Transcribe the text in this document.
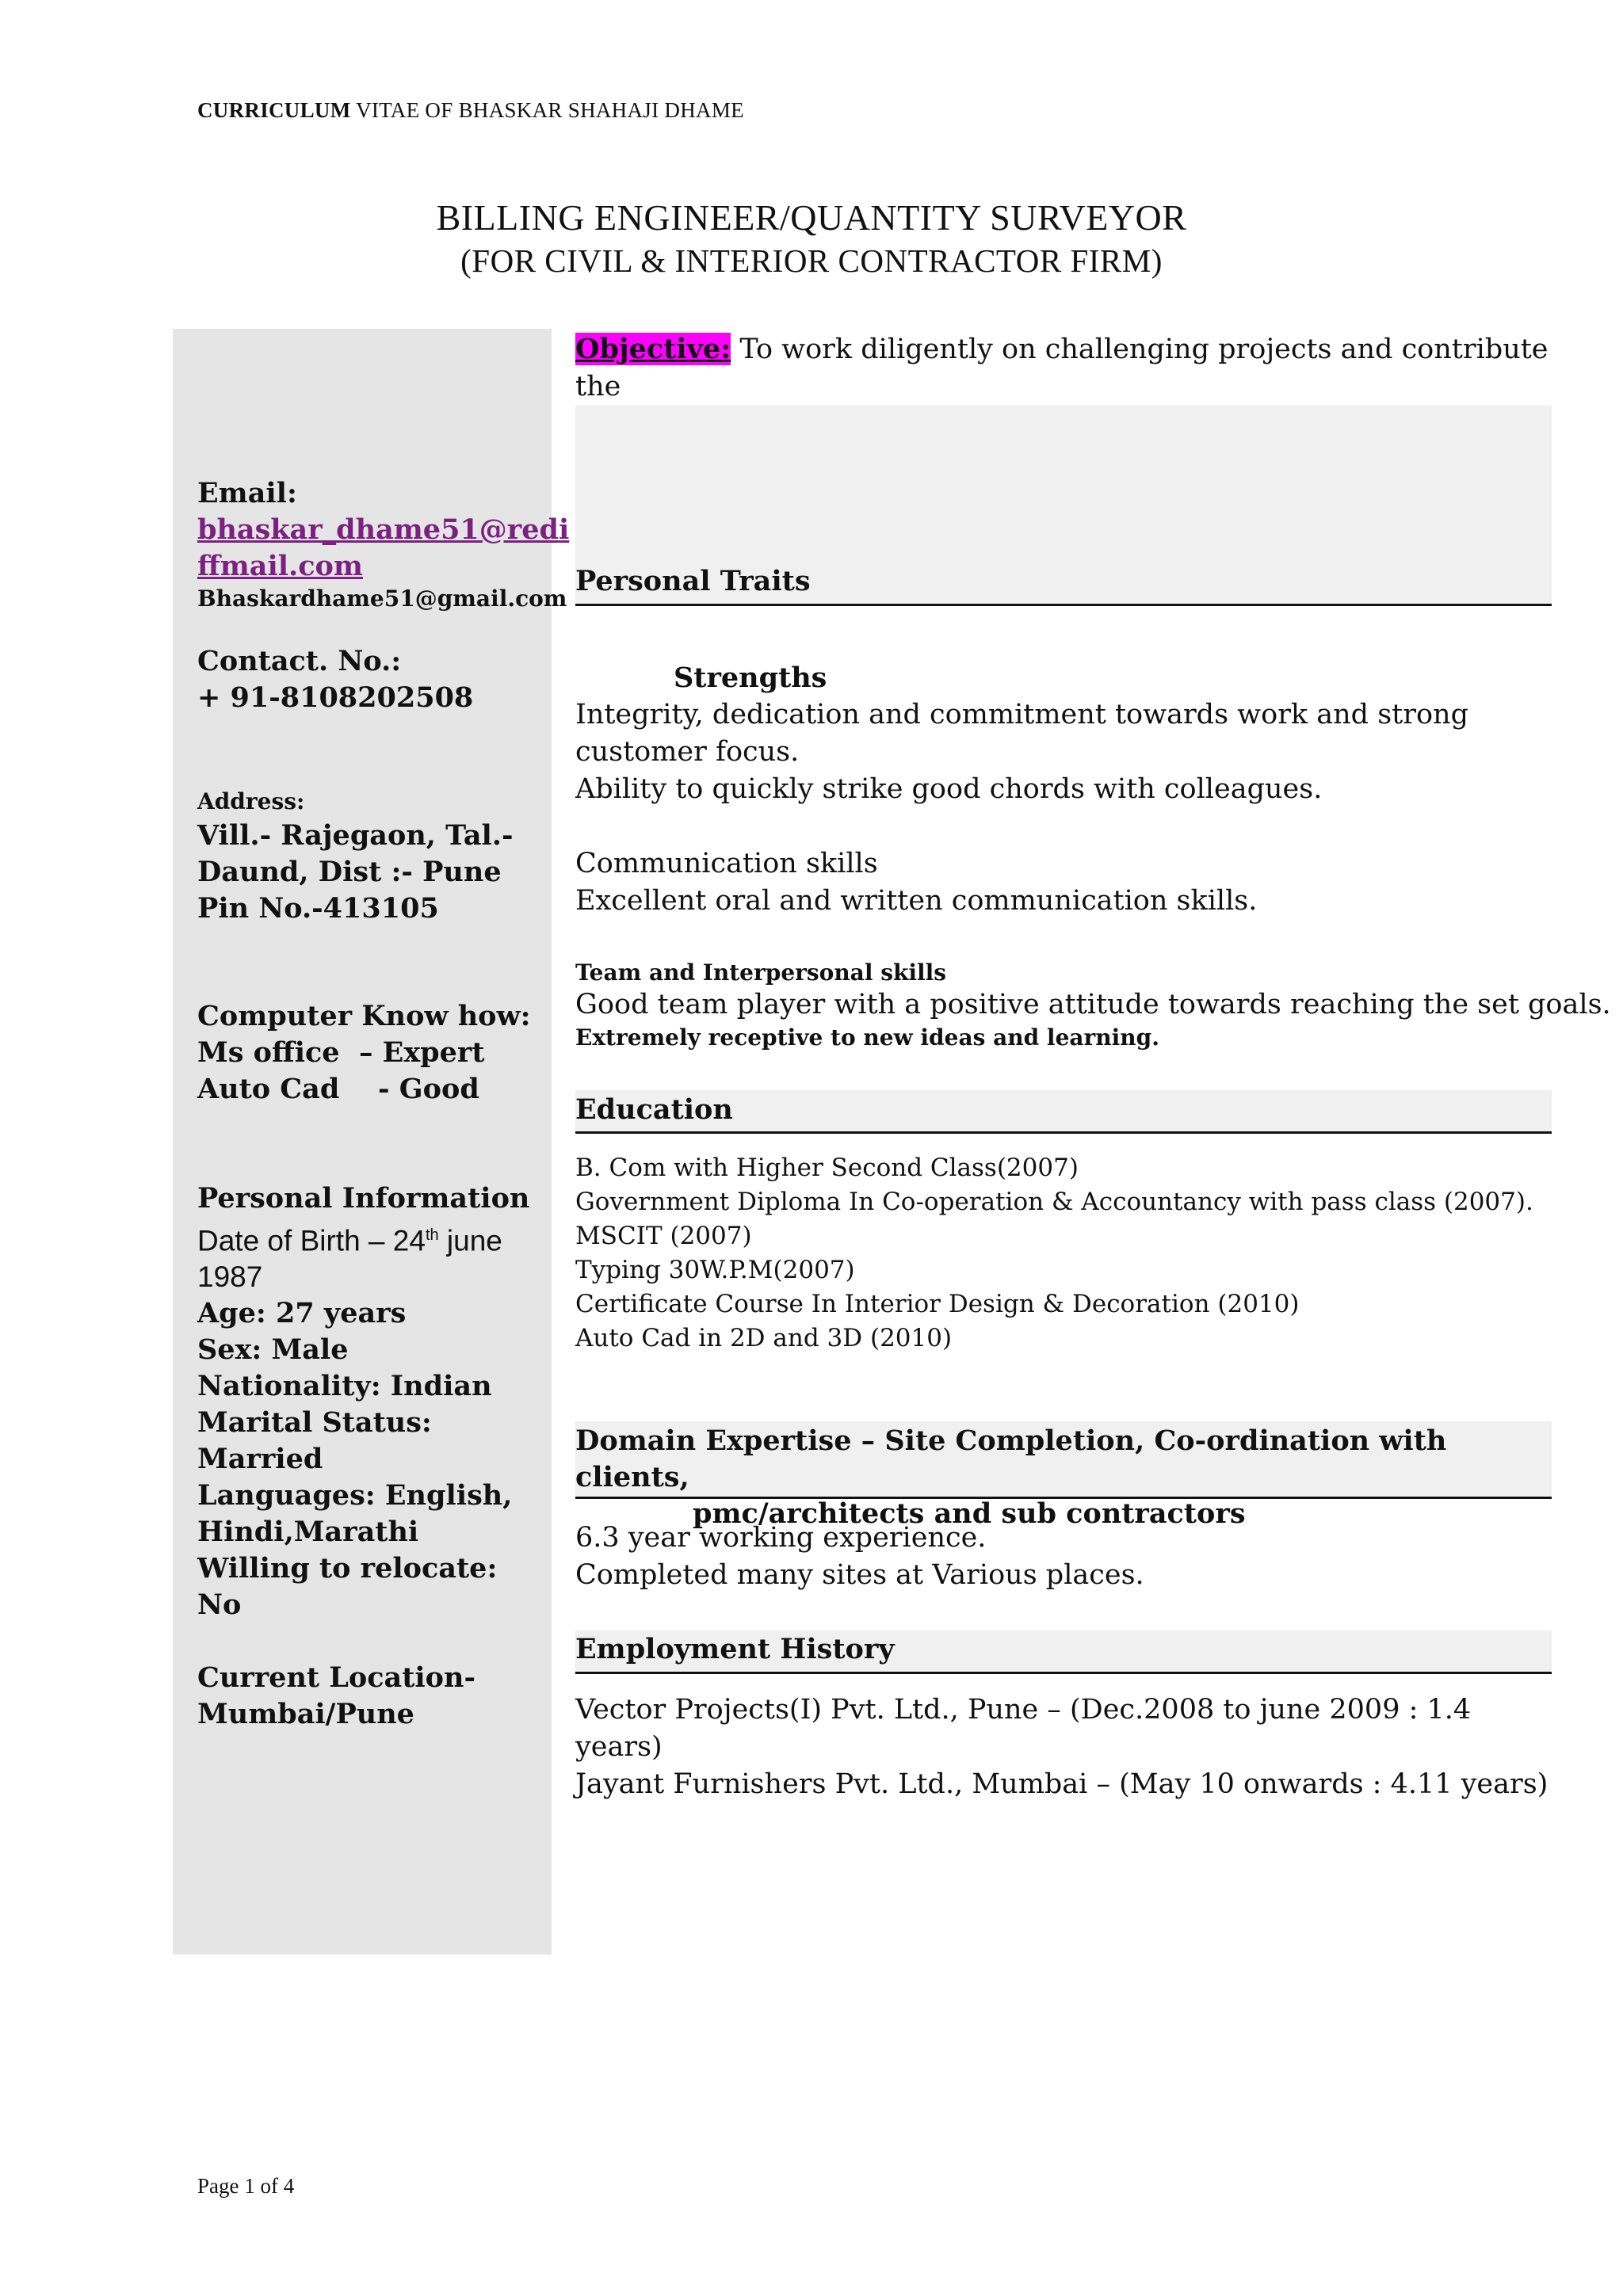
CURRICULUM VITAE OF BHASKAR SHAHAJI DHAME
BILLING ENGINEER/QUANTITY SURVEYOR
(FOR CIVIL & INTERIOR CONTRACTOR FIRM)
Email:
bhaskar_dhame51@redi
ffmail.com
Bhaskardhame51@gmail.com
Contact. No.:
+ 91-8108202508
Address:
Vill.- Rajegaon, Tal.-
Daund, Dist :- Pune
Pin No.-413105
Computer Know how:
Ms office  – Expert
Auto Cad    - Good
Personal Information
Date of Birth – 24th june
1987
Age: 27 years
Sex: Male
Nationality: Indian
Marital Status: Married
Languages: English,
Hindi,Marathi
Willing to relocate: No
Current Location-
Mumbai/Pune
Objective: To work diligently on challenging projects and contribute the
Personal Traits
Strengths
Integrity, dedication and commitment towards work and strong
customer focus.
Ability to quickly strike good chords with colleagues.
Communication skills
Excellent oral and written communication skills.
Team and Interpersonal skills
Good team player with a positive attitude towards reaching the set goals.
Extremely receptive to new ideas and learning.
Education
B. Com with Higher Second Class(2007)
Government Diploma In Co-operation & Accountancy with pass class (2007).
MSCIT (2007)
Typing 30W.P.M(2007)
Certificate Course In Interior Design & Decoration (2010)
Auto Cad in 2D and 3D (2010)
Domain Expertise – Site Completion, Co-ordination with clients,
pmc/architects and sub contractors
6.3 year working experience.
Completed many sites at Various places.
Employment History
Vector Projects(I) Pvt. Ltd., Pune – (Dec.2008 to june 2009 : 1.4 years)
Jayant Furnishers Pvt. Ltd., Mumbai – (May 10 onwards : 4.11 years)
Page 1 of 4
